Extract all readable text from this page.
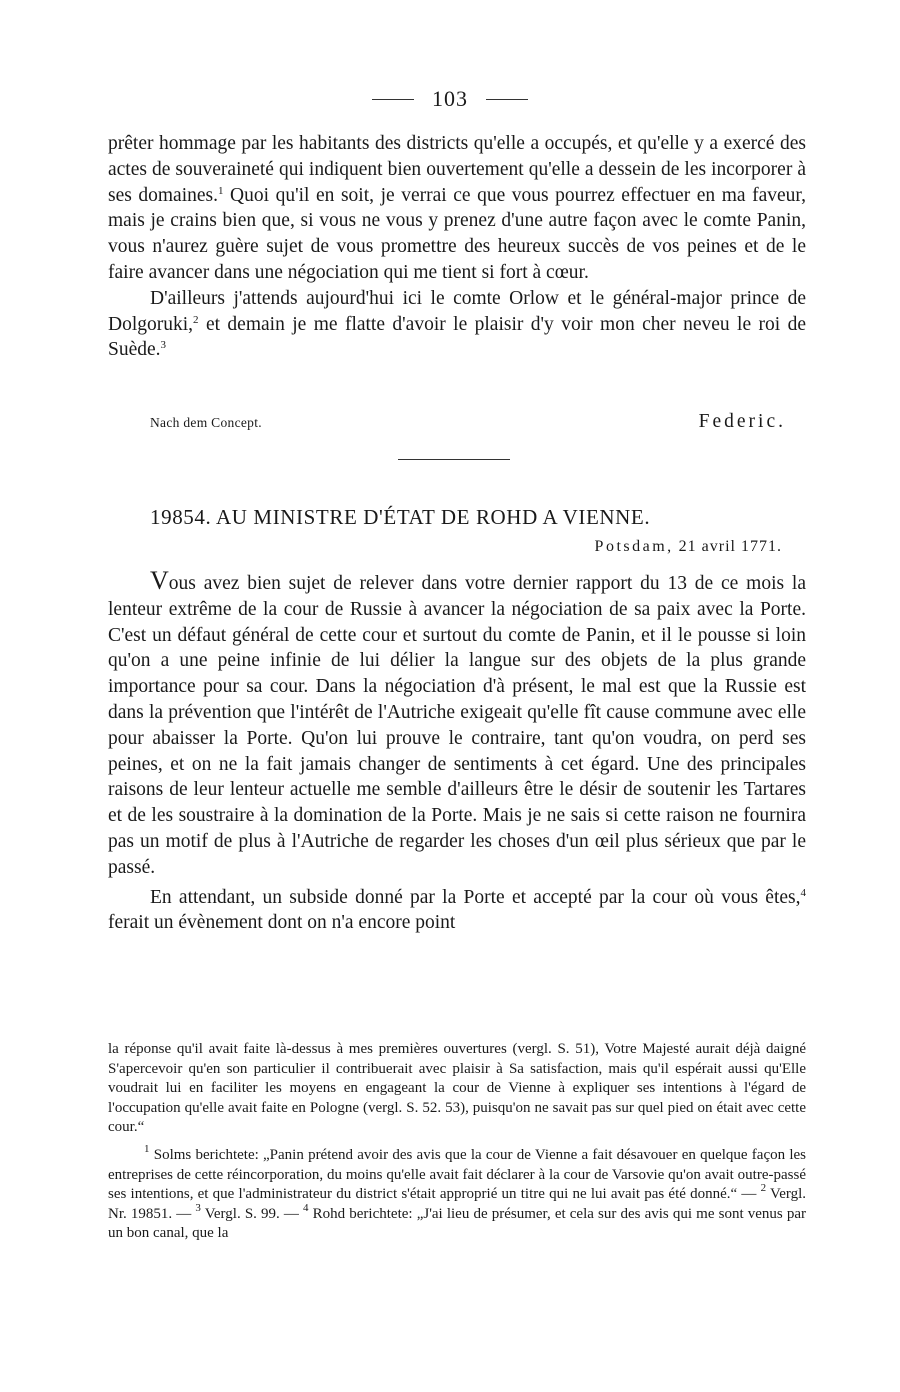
103

prêter hommage par les habitants des districts qu'elle a occupés, et qu'elle y a exercé des actes de souveraineté qui indiquent bien ouvertement qu'elle a dessein de les incorporer à ses domaines.$^1$ Quoi qu'il en soit, je verrai ce que vous pourrez effectuer en ma faveur, mais je crains bien que, si vous ne vous y prenez d'une autre façon avec le comte Panin, vous n'aurez guère sujet de vous promettre des heureux succès de vos peines et de le faire avancer dans une négociation qui me tient si fort à cœur.

D'ailleurs j'attends aujourd'hui ici le comte Orlow et le général-major prince de Dolgoruki,$^2$ et demain je me flatte d'avoir le plaisir d'y voir mon cher neveu le roi de Suède.$^3$

Nach dem Concept.	Federic.
19854. AU MINISTRE D'ÉTAT DE ROHD A VIENNE.
Potsdam, 21 avril 1771.

Vous avez bien sujet de relever dans votre dernier rapport du 13 de ce mois la lenteur extrême de la cour de Russie à avancer la négociation de sa paix avec la Porte. C'est un défaut général de cette cour et surtout du comte de Panin, et il le pousse si loin qu'on a une peine infinie de lui délier la langue sur des objets de la plus grande importance pour sa cour. Dans la négociation d'à présent, le mal est que la Russie est dans la prévention que l'intérêt de l'Autriche exigeait qu'elle fît cause commune avec elle pour abaisser la Porte. Qu'on lui prouve le contraire, tant qu'on voudra, on perd ses peines, et on ne la fait jamais changer de sentiments à cet égard. Une des principales raisons de leur lenteur actuelle me semble d'ailleurs être le désir de soutenir les Tartares et de les soustraire à la domination de la Porte. Mais je ne sais si cette raison ne fournira pas un motif de plus à l'Autriche de regarder les choses d'un œil plus sérieux que par le passé.

En attendant, un subside donné par la Porte et accepté par la cour où vous êtes,$^4$ ferait un évènement dont on n'a encore point

la réponse qu'il avait faite là-dessus à mes premières ouvertures (vergl. S. 51), Votre Majesté aurait déjà daigné S'apercevoir qu'en son particulier il contribuerait avec plaisir à Sa satisfaction, mais qu'il espérait aussi qu'Elle voudrait lui en faciliter les moyens en engageant la cour de Vienne à expliquer ses intentions à l'égard de l'occupation qu'elle avait faite en Pologne (vergl. S. 52. 53), puisqu'on ne savait pas sur quel pied on était avec cette cour.“

$^1$ Solms berichtete: „Panin prétend avoir des avis que la cour de Vienne a fait désavouer en quelque façon les entreprises de cette réincorporation, du moins qu'elle avait fait déclarer à la cour de Varsovie qu'on avait outre-passé ses intentions, et que l'administrateur du district s'était approprié un titre qui ne lui avait pas été donné.“ — $^2$ Vergl. Nr. 19851. — $^3$ Vergl. S. 99. — $^4$ Rohd berichtete: „J'ai lieu de présumer, et cela sur des avis qui me sont venus par un bon canal, que la
